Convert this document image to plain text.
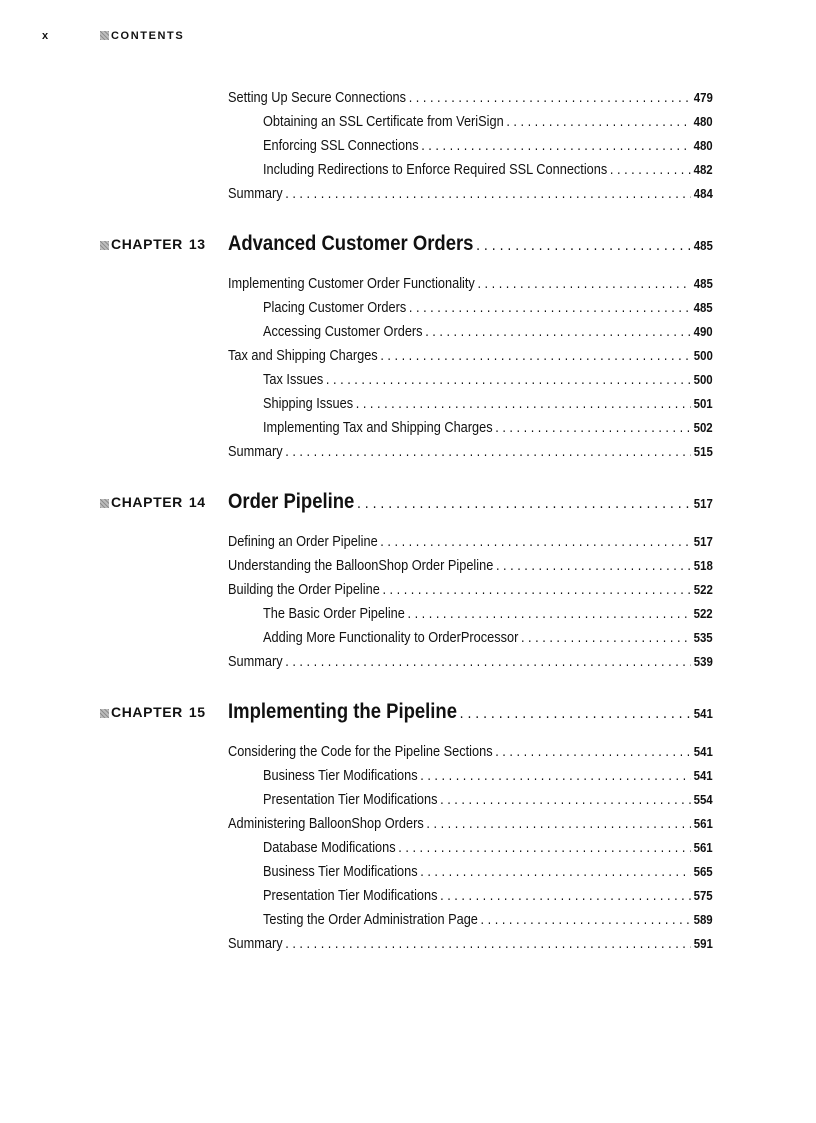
x	CONTENTS
Setting Up Secure Connections . . .	479
Obtaining an SSL Certificate from VeriSign . . .	480
Enforcing SSL Connections . . .	480
Including Redirections to Enforce Required SSL Connections . . .	482
Summary . . .	484
CHAPTER 13 Advanced Customer Orders . . .	485
Implementing Customer Order Functionality . . .	485
Placing Customer Orders . . .	485
Accessing Customer Orders . . .	490
Tax and Shipping Charges . . .	500
Tax Issues . . .	500
Shipping Issues . . .	501
Implementing Tax and Shipping Charges . . .	502
Summary . . .	515
CHAPTER 14 Order Pipeline . . .	517
Defining an Order Pipeline . . .	517
Understanding the BalloonShop Order Pipeline . . .	518
Building the Order Pipeline . . .	522
The Basic Order Pipeline . . .	522
Adding More Functionality to OrderProcessor . . .	535
Summary . . .	539
CHAPTER 15 Implementing the Pipeline . . .	541
Considering the Code for the Pipeline Sections . . .	541
Business Tier Modifications . . .	541
Presentation Tier Modifications . . .	554
Administering BalloonShop Orders . . .	561
Database Modifications . . .	561
Business Tier Modifications . . .	565
Presentation Tier Modifications . . .	575
Testing the Order Administration Page . . .	589
Summary . . .	591
